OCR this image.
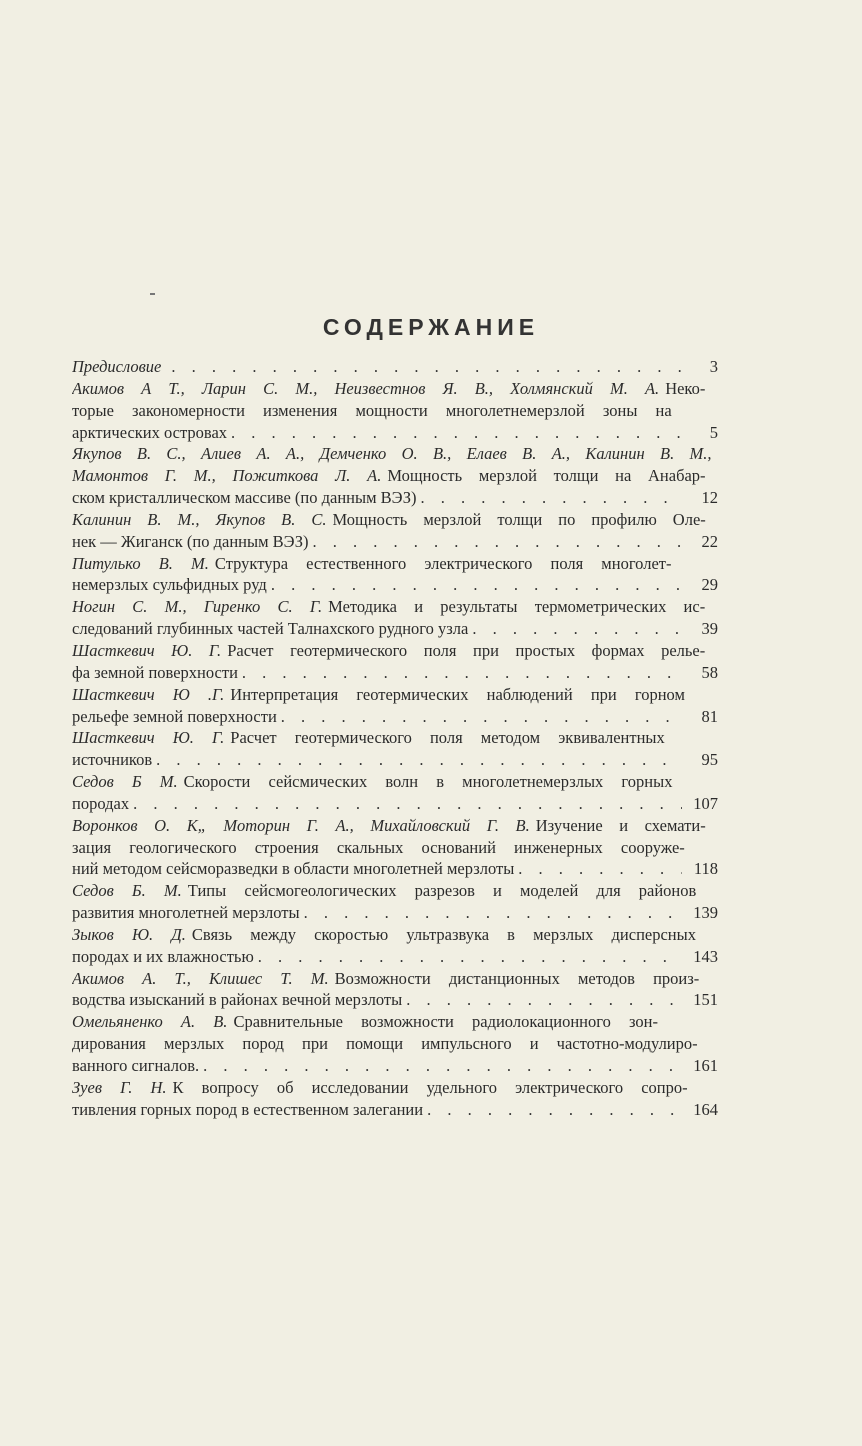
СОДЕРЖАНИЕ
Предисловие . . .	3
Акимов А Т., Ларин С. М., Неизвестнов Я. В., Холмянский М. А. Неко-
торые закономерности изменения мощности многолетнемерзлой зоны на
арктических островах . . .	5
Якупов В. С., Алиев А. А., Демченко О. В., Елаев В. А., Калинин В. М.,
Мамонтов Г. М., Пожиткова Л. А. Мощность мерзлой толщи на Анабар-
ском кристаллическом массиве (по данным ВЭЗ) . . .	12
Калинин В. М., Якупов В. С. Мощность мерзлой толщи по профилю Оле-
нек — Жиганск (по данным ВЭЗ) . . .	22
Питулько В. М. Структура естественного электрического поля многолет-
немерзлых сульфидных руд . . .	29
Ногин С. М., Гиренко С. Г. Методика и результаты термометрических ис-
следований глубинных частей Талнахского рудного узла . . .	39
Шасткевич Ю. Г. Расчет геотермического поля при простых формах релье-
фа земной поверхности . . .	58
Шасткевич Ю .Г. Интерпретация геотермических наблюдений при горном
рельефе земной поверхности . . .	81
Шасткевич Ю. Г. Расчет геотермического поля методом эквивалентных
источников . . .	95
Седов Б М. Скорости сейсмических волн в многолетнемерзлых горных
породах . . .	107
Воронков О. К„ Моторин Г. А., Михайловский Г. В. Изучение и схемати-
зация геологического строения скальных оснований инженерных сооруже-
ний методом сейсморазведки в области многолетней мерзлоты . . .	118
Седов Б. М. Типы сейсмогеологических разрезов и моделей для районов
развития многолетней мерзлоты . . .	139
Зыков Ю. Д. Связь между скоростью ультразвука в мерзлых дисперсных
породах и их влажностью . . .	143
Акимов А. Т., Клишес Т. М. Возможности дистанционных методов произ-
водства изысканий в районах вечной мерзлоты . . .	151
Омельяненко А. В. Сравнительные возможности радиолокационного зон-
дирования мерзлых пород при помощи импульсного и частотно-модулиро-
ванного сигналов. . . .	161
Зуев Г. Н. К вопросу об исследовании удельного электрического сопро-
тивления горных пород в естественном залегании . . .	164
